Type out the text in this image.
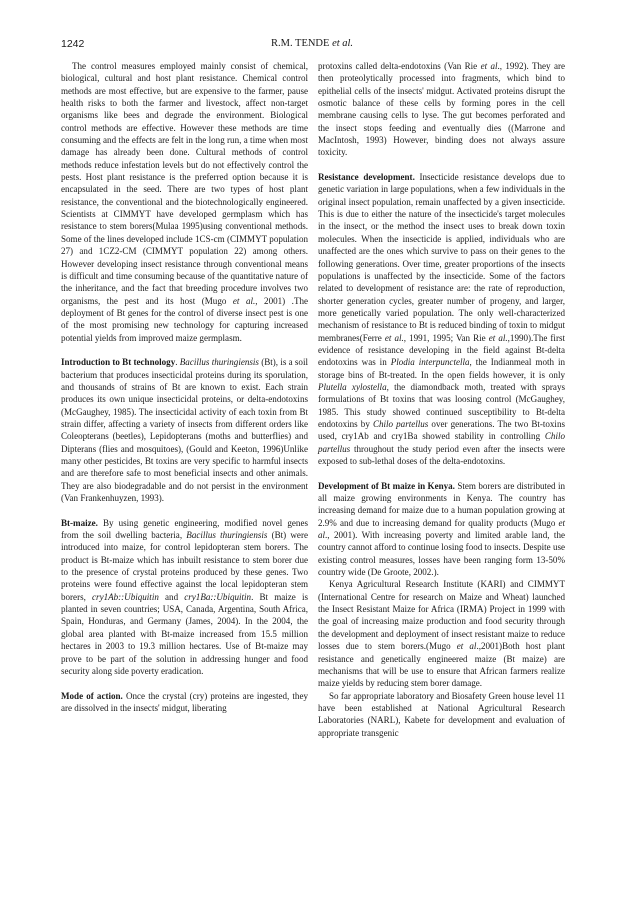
1242	R.M. TENDE et al.

The control measures employed mainly consist of chemical, biological, cultural and host plant resistance. Chemical control methods are most effective, but are expensive to the farmer, pause health risks to both the farmer and livestock, affect non-target organisms like bees and degrade the environment. Biological control methods are effective. However these methods are time consuming and the effects are felt in the long run, a time when most damage has already been done. Cultural methods of control methods reduce infestation levels but do not effectively control the pests. Host plant resistance is the preferred option because it is encapsulated in the seed. There are two types of host plant resistance, the conventional and the biotechnologically engineered. Scientists at CIMMYT have developed germplasm which has resistance to stem borers(Mulaa 1995)using conventional methods. Some of the lines developed include 1CS-cm (CIMMYT population 27) and 1CZ2-CM (CIMMYT population 22) among others. However developing insect resistance through conventional means is difficult and time consuming because of the quantitative nature of the inheritance, and the fact that breeding procedure involves two organisms, the pest and its host (Mugo et al., 2001) .The deployment of Bt genes for the control of diverse insect pest is one of the most promising new technology for capturing increased potential yields from improved maize germplasm.

Introduction to Bt technology. Bacillus thuringiensis (Bt), is a soil bacterium that produces insecticidal proteins during its sporulation, and thousands of strains of Bt are known to exist. Each strain produces its own unique insecticidal proteins, or delta-endotoxins (McGaughey, 1985). The insecticidal activity of each toxin from Bt strain differ, affecting a variety of insects from different orders like Coleopterans (beetles), Lepidopterans (moths and butterflies) and Dipterans (flies and mosquitoes), (Gould and Keeton, 1996)Unlike many other pesticides, Bt toxins are very specific to harmful insects and are therefore safe to most beneficial insects and other animals. They are also biodegradable and do not persist in the environment (Van Frankenhuyzen, 1993).

Bt-maize. By using genetic engineering, modified novel genes from the soil dwelling bacteria, Bacillus thuringiensis (Bt) were introduced into maize, for control lepidopteran stem borers. The product is Bt-maize which has inbuilt resistance to stem borer due to the presence of crystal proteins produced by these genes. Two proteins were found effective against the local lepidopteran stem borers, cry1Ab::Ubiquitin and cry1Ba::Ubiquitin. Bt maize is planted in seven countries; USA, Canada, Argentina, South Africa, Spain, Honduras, and Germany (James, 2004). In the 2004, the global area planted with Bt-maize increased from 15.5 million hectares in 2003 to 19.3 million hectares. Use of Bt-maize may prove to be part of the solution in addressing hunger and food security along side poverty eradication.

Mode of action. Once the crystal (cry) proteins are ingested, they are dissolved in the insects' midgut, liberating

protoxins called delta-endotoxins (Van Rie et al., 1992). They are then proteolytically processed into fragments, which bind to epithelial cells of the insects' midgut. Activated proteins disrupt the osmotic balance of these cells by forming pores in the cell membrane causing cells to lyse. The gut becomes perforated and the insect stops feeding and eventually dies ((Marrone and MacIntosh, 1993) However, binding does not always assure toxicity.

Resistance development. Insecticide resistance develops due to genetic variation in large populations, when a few individuals in the original insect population, remain unaffected by a given insecticide. This is due to either the nature of the insecticide's target molecules in the insect, or the method the insect uses to break down toxin molecules. When the insecticide is applied, individuals who are unaffected are the ones which survive to pass on their genes to the following generations. Over time, greater proportions of the insects populations is unaffected by the insecticide. Some of the factors related to development of resistance are: the rate of reproduction, shorter generation cycles, greater number of progeny, and larger, more genetically varied population. The only well-characterized mechanism of resistance to Bt is reduced binding of toxin to midgut membranes(Ferre et al., 1991, 1995; Van Rie et al.,1990).The first evidence of resistance developing in the field against Bt-delta endotoxins was in Plodia interpunctella, the Indianmeal moth in storage bins of Bt-treated. In the open fields however, it is only Plutella xylostella, the diamondback moth, treated with sprays formulations of Bt toxins that was loosing control (McGaughey, 1985. This study showed continued susceptibility to Bt-delta endotoxins by Chilo partellus over generations. The two Bt-toxins used, cry1Ab and cry1Ba showed stability in controlling Chilo partellus throughout the study period even after the insects were exposed to sub-lethal doses of the delta-endotoxins.

Development of Bt maize in Kenya. Stem borers are distributed in all maize growing environments in Kenya. The country has increasing demand for maize due to a human population growing at 2.9% and due to increasing demand for quality products (Mugo et al., 2001). With increasing poverty and limited arable land, the country cannot afford to continue losing food to insects. Despite use existing control measures, losses have been ranging form 13-50% country wide (De Groote, 2002.).

Kenya Agricultural Research Institute (KARI) and CIMMYT (International Centre for research on Maize and Wheat) launched the Insect Resistant Maize for Africa (IRMA) Project in 1999 with the goal of increasing maize production and food security through the development and deployment of insect resistant maize to reduce losses due to stem borers.(Mugo et al.,2001)Both host plant resistance and genetically engineered maize (Bt maize) are mechanisms that will be use to ensure that African farmers realize maize yields by reducing stem borer damage.

So far appropriate laboratory and Biosafety Green house level 11 have been established at National Agricultural Research Laboratories (NARL), Kabete for development and evaluation of appropriate transgenic
